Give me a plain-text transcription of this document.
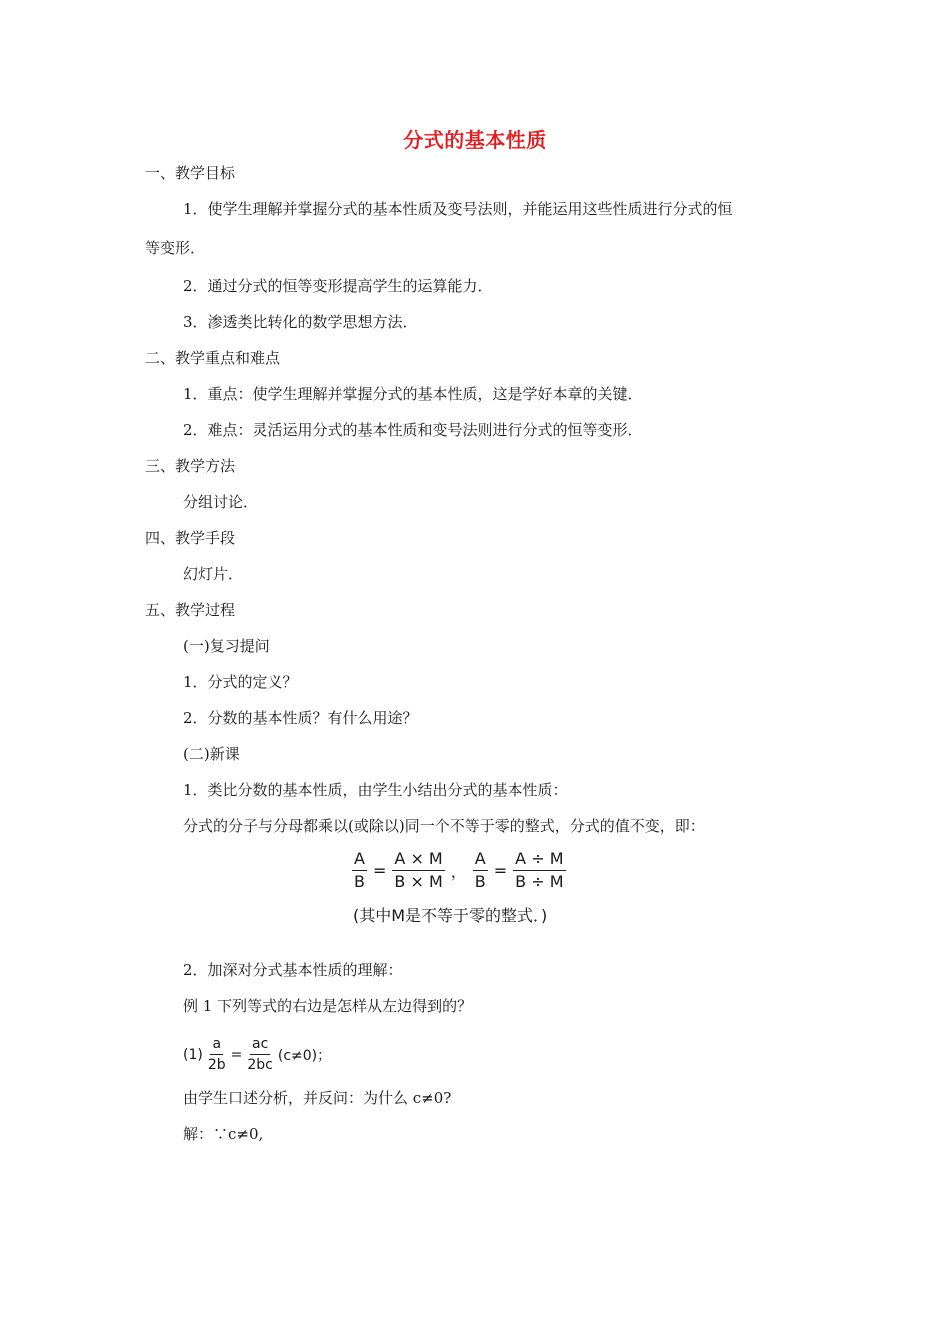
分式的基本性质
一、教学目标
1．使学生理解并掌握分式的基本性质及变号法则，并能运用这些性质进行分式的恒
等变形．
2．通过分式的恒等变形提高学生的运算能力．
3．渗透类比转化的数学思想方法．
二、教学重点和难点
1．重点：使学生理解并掌握分式的基本性质，这是学好本章的关键．
2．难点：灵活运用分式的基本性质和变号法则进行分式的恒等变形．
三、教学方法
分组讨论．
四、教学手段
幻灯片．
五、教学过程
(一)复习提问
1．分式的定义？
2．分数的基本性质？有什么用途？
(二)新课
1．类比分数的基本性质，由学生小结出分式的基本性质：
分式的分子与分母都乘以(或除以)同一个不等于零的整式，分式的值不变，即：
$\frac{A}{B} = \frac{A \times M}{B \times M}$ ， $\frac{A}{B} = \frac{A \div M}{B \div M}$
(其中M是不等于零的整式．)
2．加深对分式基本性质的理解：
例 1 下列等式的右边是怎样从左边得到的？
$(1) \frac{a}{2b} = \frac{ac}{2bc} (c\ne 0)$；
由学生口述分析，并反问：为什么 c≠0?
解：∵c≠0,
